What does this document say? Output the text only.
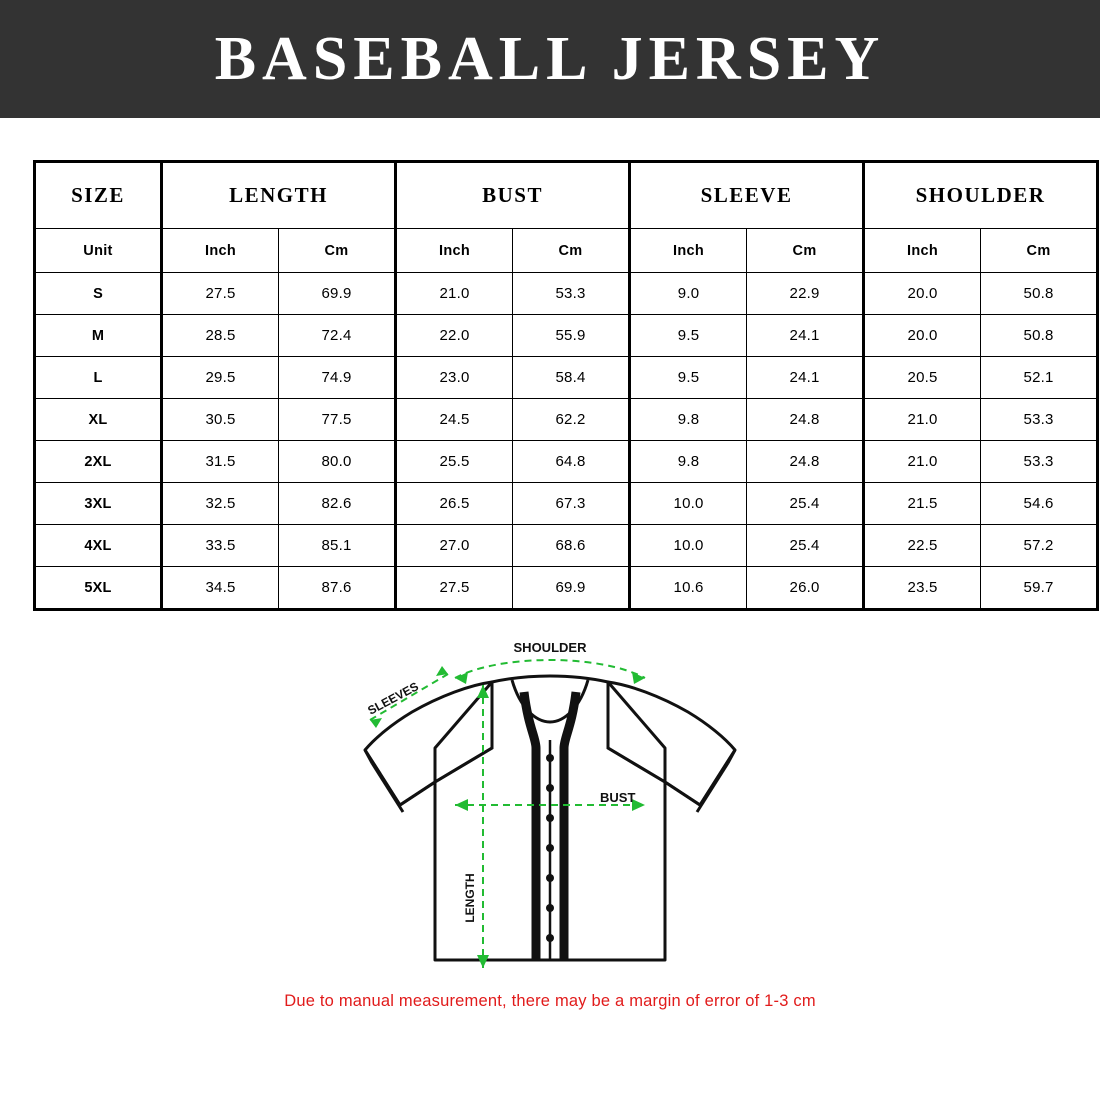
BASEBALL JERSEY
SIZE	LENGTH		BUST		SLEEVE		SHOULDER	
Unit	Inch	Cm	Inch	Cm	Inch	Cm	Inch	Cm
S	27.5	69.9	21.0	53.3	9.0	22.9	20.0	50.8
M	28.5	72.4	22.0	55.9	9.5	24.1	20.0	50.8
L	29.5	74.9	23.0	58.4	9.5	24.1	20.5	52.1
XL	30.5	77.5	24.5	62.2	9.8	24.8	21.0	53.3
2XL	31.5	80.0	25.5	64.8	9.8	24.8	21.0	53.3
3XL	32.5	82.6	26.5	67.3	10.0	25.4	21.5	54.6
4XL	33.5	85.1	27.0	68.6	10.0	25.4	22.5	57.2
5XL	34.5	87.6	27.5	69.9	10.6	26.0	23.5	59.7
SHOULDER
SLEEVES
BUST
LENGTH
Due to manual measurement, there may be a margin of error of 1-3 cm
